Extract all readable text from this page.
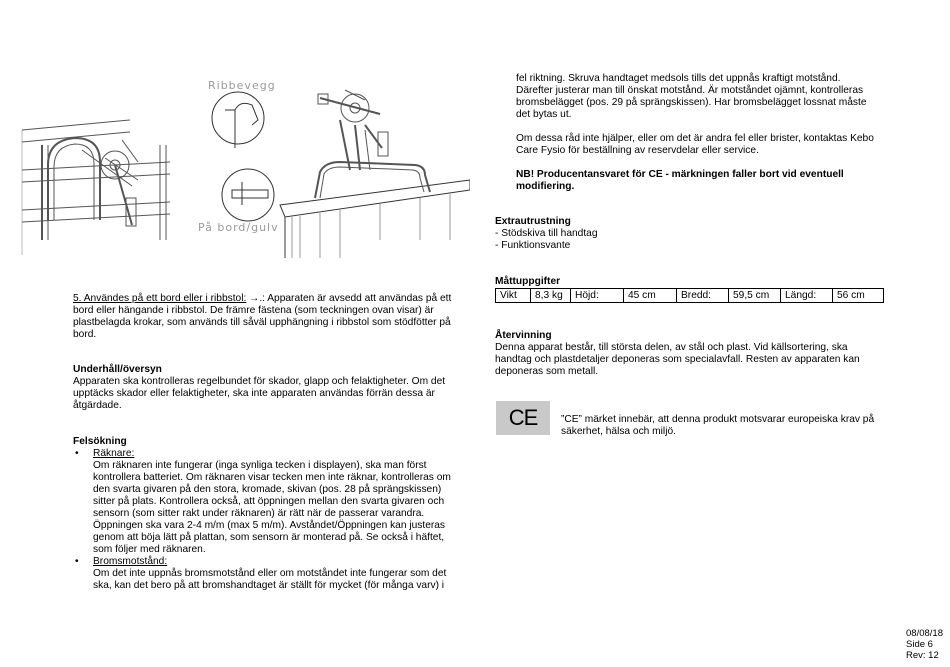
Ribbevegg
På bord/gulv

5. Användes på ett bord eller i ribbstol: →.: Apparaten är avsedd att användas på ett bord eller hängande i ribbstol. De främre fästena (som teckningen ovan visar) är plastbelagda krokar, som används till såväl upphängning i ribbstol som stödfötter på bord.

Underhåll/översyn

Apparaten ska kontrolleras regelbundet för skador, glapp och felaktigheter. Om det upptäcks skador eller felaktigheter, ska inte apparaten användas förrän dessa är åtgärdade.

Felsökning

• Räknare:
Om räknaren inte fungerar (inga synliga tecken i displayen), ska man först kontrollera batteriet. Om räknaren visar tecken men inte räknar, kontrolleras om den svarta givaren på den stora, kromade, skivan (pos. 28 på sprängskissen) sitter på plats. Kontrollera också, att öppningen mellan den svarta givaren och sensorn (som sitter rakt under räknaren) är rätt när de passerar varandra. Öppningen ska vara 2-4 m/m (max 5 m/m). Avståndet/Öppningen kan justeras genom att böja lätt på plattan, som sensorn är monterad på. Se också i häftet, som följer med räknaren.
• Bromsmotstånd:
Om det inte uppnås bromsmotstånd eller om motståndet inte fungerar som det ska, kan det bero på att bromshandtaget är ställt för mycket (för många varv) i

fel riktning. Skruva handtaget medsols tills det uppnås kraftigt motstånd. Därefter justerar man till önskat motstånd. Är motståndet ojämnt, kontrolleras bromsbelägget (pos. 29 på sprängskissen). Har bromsbelägget lossnat måste det bytas ut.

Om dessa råd inte hjälper, eller om det är andra fel eller brister, kontaktas Kebo Care Fysio för beställning av reservdelar eller service.

NB! Producentansvaret för CE - märkningen faller bort vid eventuell modifiering.

Extrautrustning

- Stödskiva till handtag

- Funktionsvante

Måttuppgifter

Vikt	8,3 kg	Höjd:	45 cm	Bredd:	59,5 cm	Längd:	56 cm

Återvinning

Denna apparat består, till största delen, av stål och plast. Vid källsortering, ska handtag och plastdetaljer deponeras som specialavfall. Resten av apparaten kan deponeras som metall.

CE ”CE” märket innebär, att denna produkt motsvarar europeiska krav på säkerhet, hälsa och miljö.

08/08/18
Side 6
Rev: 12
